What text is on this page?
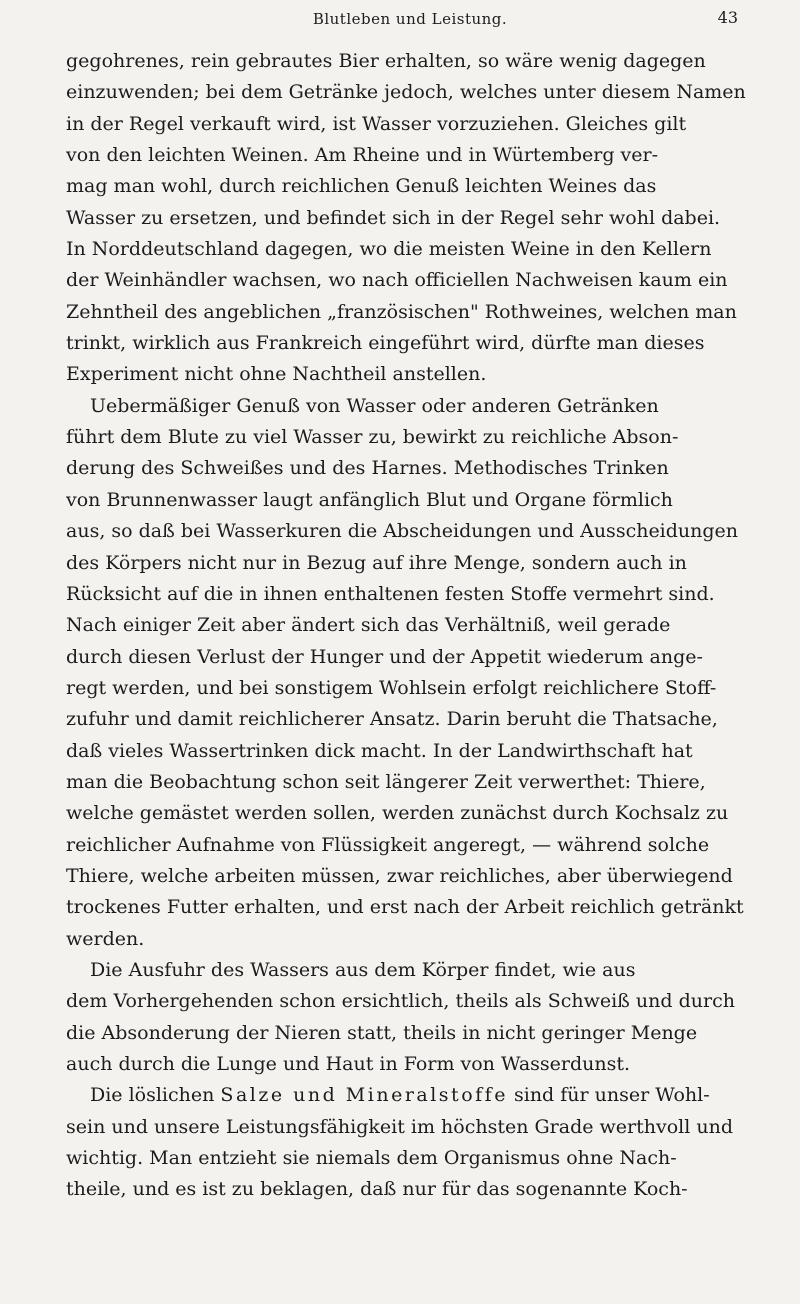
Blutleben und Leistung.	43
gegohrenes, rein gebrautes Bier erhalten, so wäre wenig dagegen
einzuwenden; bei dem Getränke jedoch, welches unter diesem Namen
in der Regel verkauft wird, ist Wasser vorzuziehen. Gleiches gilt
von den leichten Weinen. Am Rheine und in Würtemberg ver-
mag man wohl, durch reichlichen Genuß leichten Weines das
Wasser zu ersetzen, und befindet sich in der Regel sehr wohl dabei.
In Norddeutschland dagegen, wo die meisten Weine in den Kellern
der Weinhändler wachsen, wo nach officiellen Nachweisen kaum ein
Zehntheil des angeblichen „französischen" Rothweines, welchen man
trinkt, wirklich aus Frankreich eingeführt wird, dürfte man dieses
Experiment nicht ohne Nachtheil anstellen.
Uebermäßiger Genuß von Wasser oder anderen Getränken
führt dem Blute zu viel Wasser zu, bewirkt zu reichliche Abson-
derung des Schweißes und des Harnes. Methodisches Trinken
von Brunnenwasser laugt anfänglich Blut und Organe förmlich
aus, so daß bei Wasserkuren die Abscheidungen und Ausscheidungen
des Körpers nicht nur in Bezug auf ihre Menge, sondern auch in
Rücksicht auf die in ihnen enthaltenen festen Stoffe vermehrt sind.
Nach einiger Zeit aber ändert sich das Verhältniß, weil gerade
durch diesen Verlust der Hunger und der Appetit wiederum ange-
regt werden, und bei sonstigem Wohlsein erfolgt reichlichere Stoff-
zufuhr und damit reichlicherer Ansatz. Darin beruht die Thatsache,
daß vieles Wassertrinken dick macht. In der Landwirthschaft hat
man die Beobachtung schon seit längerer Zeit verwerthet: Thiere,
welche gemästet werden sollen, werden zunächst durch Kochsalz zu
reichlicher Aufnahme von Flüssigkeit angeregt, — während solche
Thiere, welche arbeiten müssen, zwar reichliches, aber überwiegend
trockenes Futter erhalten, und erst nach der Arbeit reichlich getränkt
werden.
Die Ausfuhr des Wassers aus dem Körper findet, wie aus
dem Vorhergehenden schon ersichtlich, theils als Schweiß und durch
die Absonderung der Nieren statt, theils in nicht geringer Menge
auch durch die Lunge und Haut in Form von Wasserdunst.
Die löslichen Salze und Mineralstoffe sind für unser Wohl-
sein und unsere Leistungsfähigkeit im höchsten Grade werthvoll und
wichtig. Man entzieht sie niemals dem Organismus ohne Nach-
theile, und es ist zu beklagen, daß nur für das sogenannte Koch-
